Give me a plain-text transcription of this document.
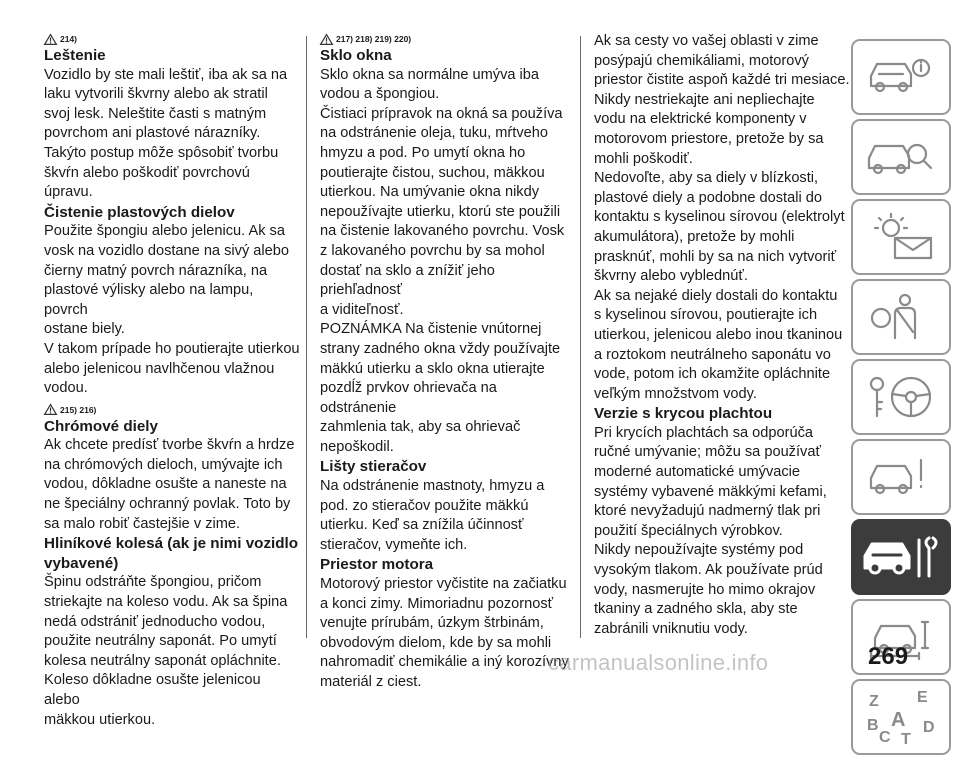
214)
Leštenie

Vozidlo by ste mali leštiť, iba ak sa na
laku vytvorili škvrny alebo ak stratil
svoj lesk. Neleštite časti s matným
povrchom ani plastové nárazníky.
Takýto postup môže spôsobiť tvorbu
škvŕn alebo poškodiť povrchovú
úpravu.

Čistenie plastových dielov

Použite špongiu alebo jelenicu. Ak sa
vosk na vozidlo dostane na sivý alebo
čierny matný povrch nárazníka, na
plastové výlisky alebo na lampu, povrch
ostane biely.

V takom prípade ho poutierajte utierkou
alebo jelenicou navlhčenou vlažnou
vodou.

215) 216)
Chrómové diely

Ak chcete predísť tvorbe škvŕn a hrdze
na chrómových dieloch, umývajte ich
vodou, dôkladne osušte a naneste na
ne špeciálny ochranný povlak. Toto by
sa malo robiť častejšie v zime.

Hliníkové kolesá (ak je nimi vozidlo
vybavené)

Špinu odstráňte špongiou, pričom
striekajte na koleso vodu. Ak sa špina
nedá odstrániť jednoducho vodou,
použite neutrálny saponát. Po umytí
kolesa neutrálny saponát opláchnite.
Koleso dôkladne osušte jelenicou alebo
mäkkou utierkou.

217) 218) 219) 220)
Sklo okna

Sklo okna sa normálne umýva iba
vodou a špongiou.

Čistiaci prípravok na okná sa používa
na odstránenie oleja, tuku, mŕtveho
hmyzu a pod. Po umytí okna ho
poutierajte čistou, suchou, mäkkou
utierkou. Na umývanie okna nikdy
nepoužívajte utierku, ktorú ste použili
na čistenie lakovaného povrchu. Vosk
z lakovaného povrchu by sa mohol
dostať na sklo a znížiť jeho priehľadnosť
a viditeľnosť.

POZNÁMKA Na čistenie vnútornej
strany zadného okna vždy používajte
mäkkú utierku a sklo okna utierajte
pozdĺž prvkov ohrievača na odstránenie
zahmlenia tak, aby sa ohrievač
nepoškodil.

Lišty stieračov

Na odstránenie mastnoty, hmyzu a
pod. zo stieračov použite mäkkú
utierku. Keď sa znížila účinnosť
stieračov, vymeňte ich.

Priestor motora

Motorový priestor vyčistite na začiatku
a konci zimy. Mimoriadnu pozornosť
venujte prírubám, úzkym štrbinám,
obvodovým dielom, kde by sa mohli
nahromadiť chemikálie a iný korozívny
materiál z ciest.

Ak sa cesty vo vašej oblasti v zime
posýpajú chemikáliami, motorový
priestor čistite aspoň každé tri mesiace.
Nikdy nestriekajte ani nepliechajte
vodu na elektrické komponenty v
motorovom priestore, pretože by sa
mohli poškodiť.

Nedovoľte, aby sa diely v blízkosti,
plastové diely a podobne dostali do
kontaktu s kyselinou sírovou (elektrolyt
akumulátora), pretože by mohli
prasknúť, mohli by sa na nich vytvoriť
škvrny alebo vyblednúť.

Ak sa nejaké diely dostali do kontaktu
s kyselinou sírovou, poutierajte ich
utierkou, jelenicou alebo inou tkaninou
a roztokom neutrálneho saponátu vo
vode, potom ich okamžite opláchnite
veľkým množstvom vody.

Verzie s krycou plachtou

Pri krycích plachtách sa odporúča
ručné umývanie; môžu sa používať
moderné automatické umývacie
systémy vybavené mäkkými kefami,
ktoré nevyžadujú nadmerný tlak pri
použití špeciálnych výrobkov.

Nikdy nepoužívajte systémy pod
vysokým tlakom. Ak používate prúd
vody, nasmerujte ho mimo okrajov
tkaniny a zadného skla, aby ste
zabránili vniknutiu vody.

Z E
B A D
C T
269
carmanualsonline.info
